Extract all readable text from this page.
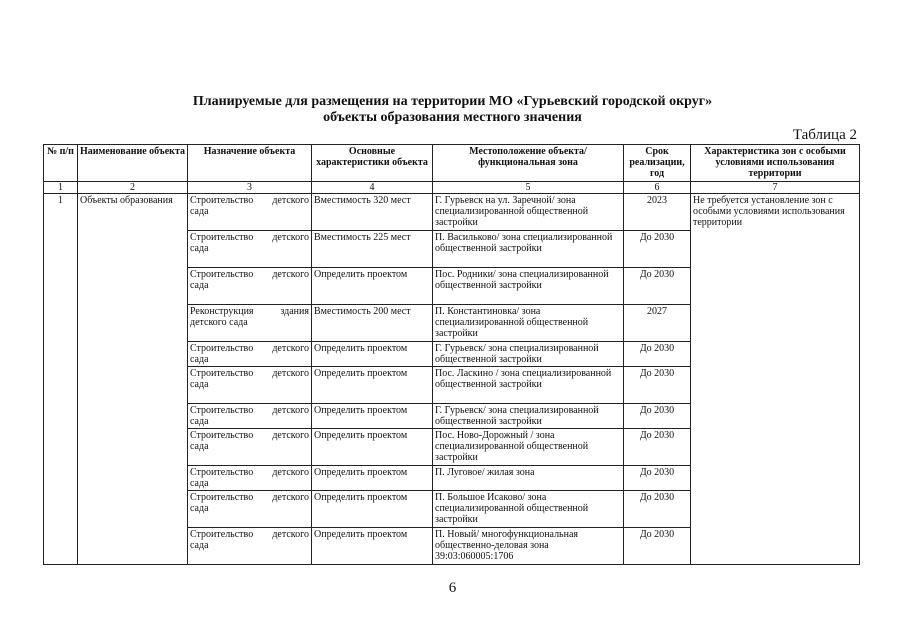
Планируемые для размещения на территории МО «Гурьевский городской округ»
объекты образования местного значения
Таблица 2
№ п/п	Наименование объекта	Назначение объекта	Основные характеристики объекта	Местоположение объекта/функциональная зона	Срок реализации, год	Характеристика зон с особыми условиями использования территории
1	2	3	4	5	6	7
1	Объекты образования	Строительство детского сада	Вместимость 320 мест	Г. Гурьевск на ул. Заречной/ зона специализированной общественной застройки	2023	Не требуется установление зон с особыми условиями использования территории
		Строительство детского сада	Вместимость 225 мест	П. Васильково/ зона специализированной общественной застройки	До 2030	
		Строительство детского сада	Определить проектом	Пос. Родники/ зона специализированной общественной застройки	До 2030	
		Реконструкция здания детского сада	Вместимость 200 мест	П. Константиновка/ зона специализированной общественной застройки	2027	
		Строительство детского сада	Определить проектом	Г. Гурьевск/ зона специализированной общественной застройки	До 2030	
		Строительство детского сада	Определить проектом	Пос. Ласкино / зона специализированной общественной застройки	До 2030	
		Строительство детского сада	Определить проектом	Г. Гурьевск/ зона специализированной общественной застройки	До 2030	
		Строительство детского сада	Определить проектом	Пос. Ново-Дорожный / зона специализированной общественной застройки	До 2030	
		Строительство детского сада	Определить проектом	П. Луговое/ жилая зона	До 2030	
		Строительство детского сада	Определить проектом	П. Большое Исаково/ зона специализированной общественной застройки	До 2030	
		Строительство детского сада	Определить проектом	П. Новый/ многофункциональная общественно-деловая зона 39:03:060005:1706	До 2030	
6
